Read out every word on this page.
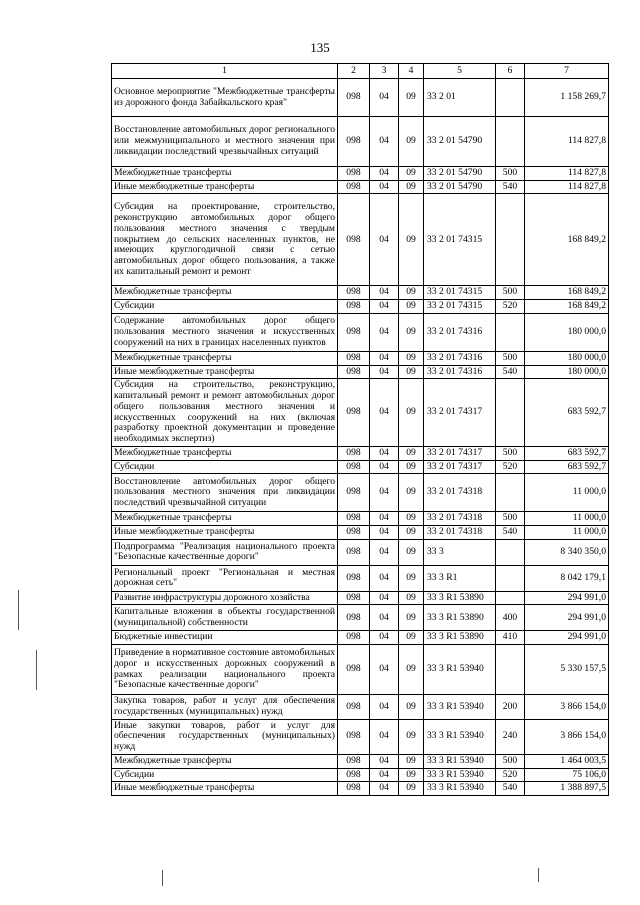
135
1	2	3	4	5	6	7
Основное мероприятие "Межбюджетные трансферты из дорожного фонда Забайкальского края"	098	04	09	33 2 01		1 158 269,7
Восстановление автомобильных дорог регионального или межмуниципального и местного значения при ликвидации последствий чрезвычайных ситуаций	098	04	09	33 2 01 54790		114 827,8
Межбюджетные трансферты	098	04	09	33 2 01 54790	500	114 827,8
Иные межбюджетные трансферты	098	04	09	33 2 01 54790	540	114 827,8
Субсидия на проектирование, строительство, реконструкцию автомобильных дорог общего пользования местного значения с твердым покрытием до сельских населенных пунктов, не имеющих круглогодичной связи с сетью автомобильных дорог общего пользования, а также их капитальный ремонт и ремонт	098	04	09	33 2 01 74315		168 849,2
Межбюджетные трансферты	098	04	09	33 2 01 74315	500	168 849,2
Субсидии	098	04	09	33 2 01 74315	520	168 849,2
Содержание автомобильных дорог общего пользования местного значения и искусственных сооружений на них в границах населенных пунктов	098	04	09	33 2 01 74316		180 000,0
Межбюджетные трансферты	098	04	09	33 2 01 74316	500	180 000,0
Иные межбюджетные трансферты	098	04	09	33 2 01 74316	540	180 000,0
Субсидия на строительство, реконструкцию, капитальный ремонт и ремонт автомобильных дорог общего пользования местного значения и искусственных сооружений на них (включая разработку проектной документации и проведение необходимых экспертиз)	098	04	09	33 2 01 74317		683 592,7
Межбюджетные трансферты	098	04	09	33 2 01 74317	500	683 592,7
Субсидии	098	04	09	33 2 01 74317	520	683 592,7
Восстановление автомобильных дорог общего пользования местного значения при ликвидации последствий чрезвычайной ситуации	098	04	09	33 2 01 74318		11 000,0
Межбюджетные трансферты	098	04	09	33 2 01 74318	500	11 000,0
Иные межбюджетные трансферты	098	04	09	33 2 01 74318	540	11 000,0
Подпрограмма "Реализация национального проекта "Безопасные качественные дороги"	098	04	09	33 3		8 340 350,0
Региональный проект "Региональная и местная дорожная сеть"	098	04	09	33 3 R1		8 042 179,1
Развитие инфраструктуры дорожного хозяйства	098	04	09	33 3 R1 53890		294 991,0
Капитальные вложения в объекты государственной (муниципальной) собственности	098	04	09	33 3 R1 53890	400	294 991,0
Бюджетные инвестиции	098	04	09	33 3 R1 53890	410	294 991,0
Приведение в нормативное состояние автомобильных дорог и искусственных дорожных сооружений в рамках реализации национального проекта "Безопасные качественные дороги"	098	04	09	33 3 R1 53940		5 330 157,5
Закупка товаров, работ и услуг для обеспечения государственных (муниципальных) нужд	098	04	09	33 3 R1 53940	200	3 866 154,0
Иные закупки товаров, работ и услуг для обеспечения государственных (муниципальных) нужд	098	04	09	33 3 R1 53940	240	3 866 154,0
Межбюджетные трансферты	098	04	09	33 3 R1 53940	500	1 464 003,5
Субсидии	098	04	09	33 3 R1 53940	520	75 106,0
Иные межбюджетные трансферты	098	04	09	33 3 R1 53940	540	1 388 897,5
